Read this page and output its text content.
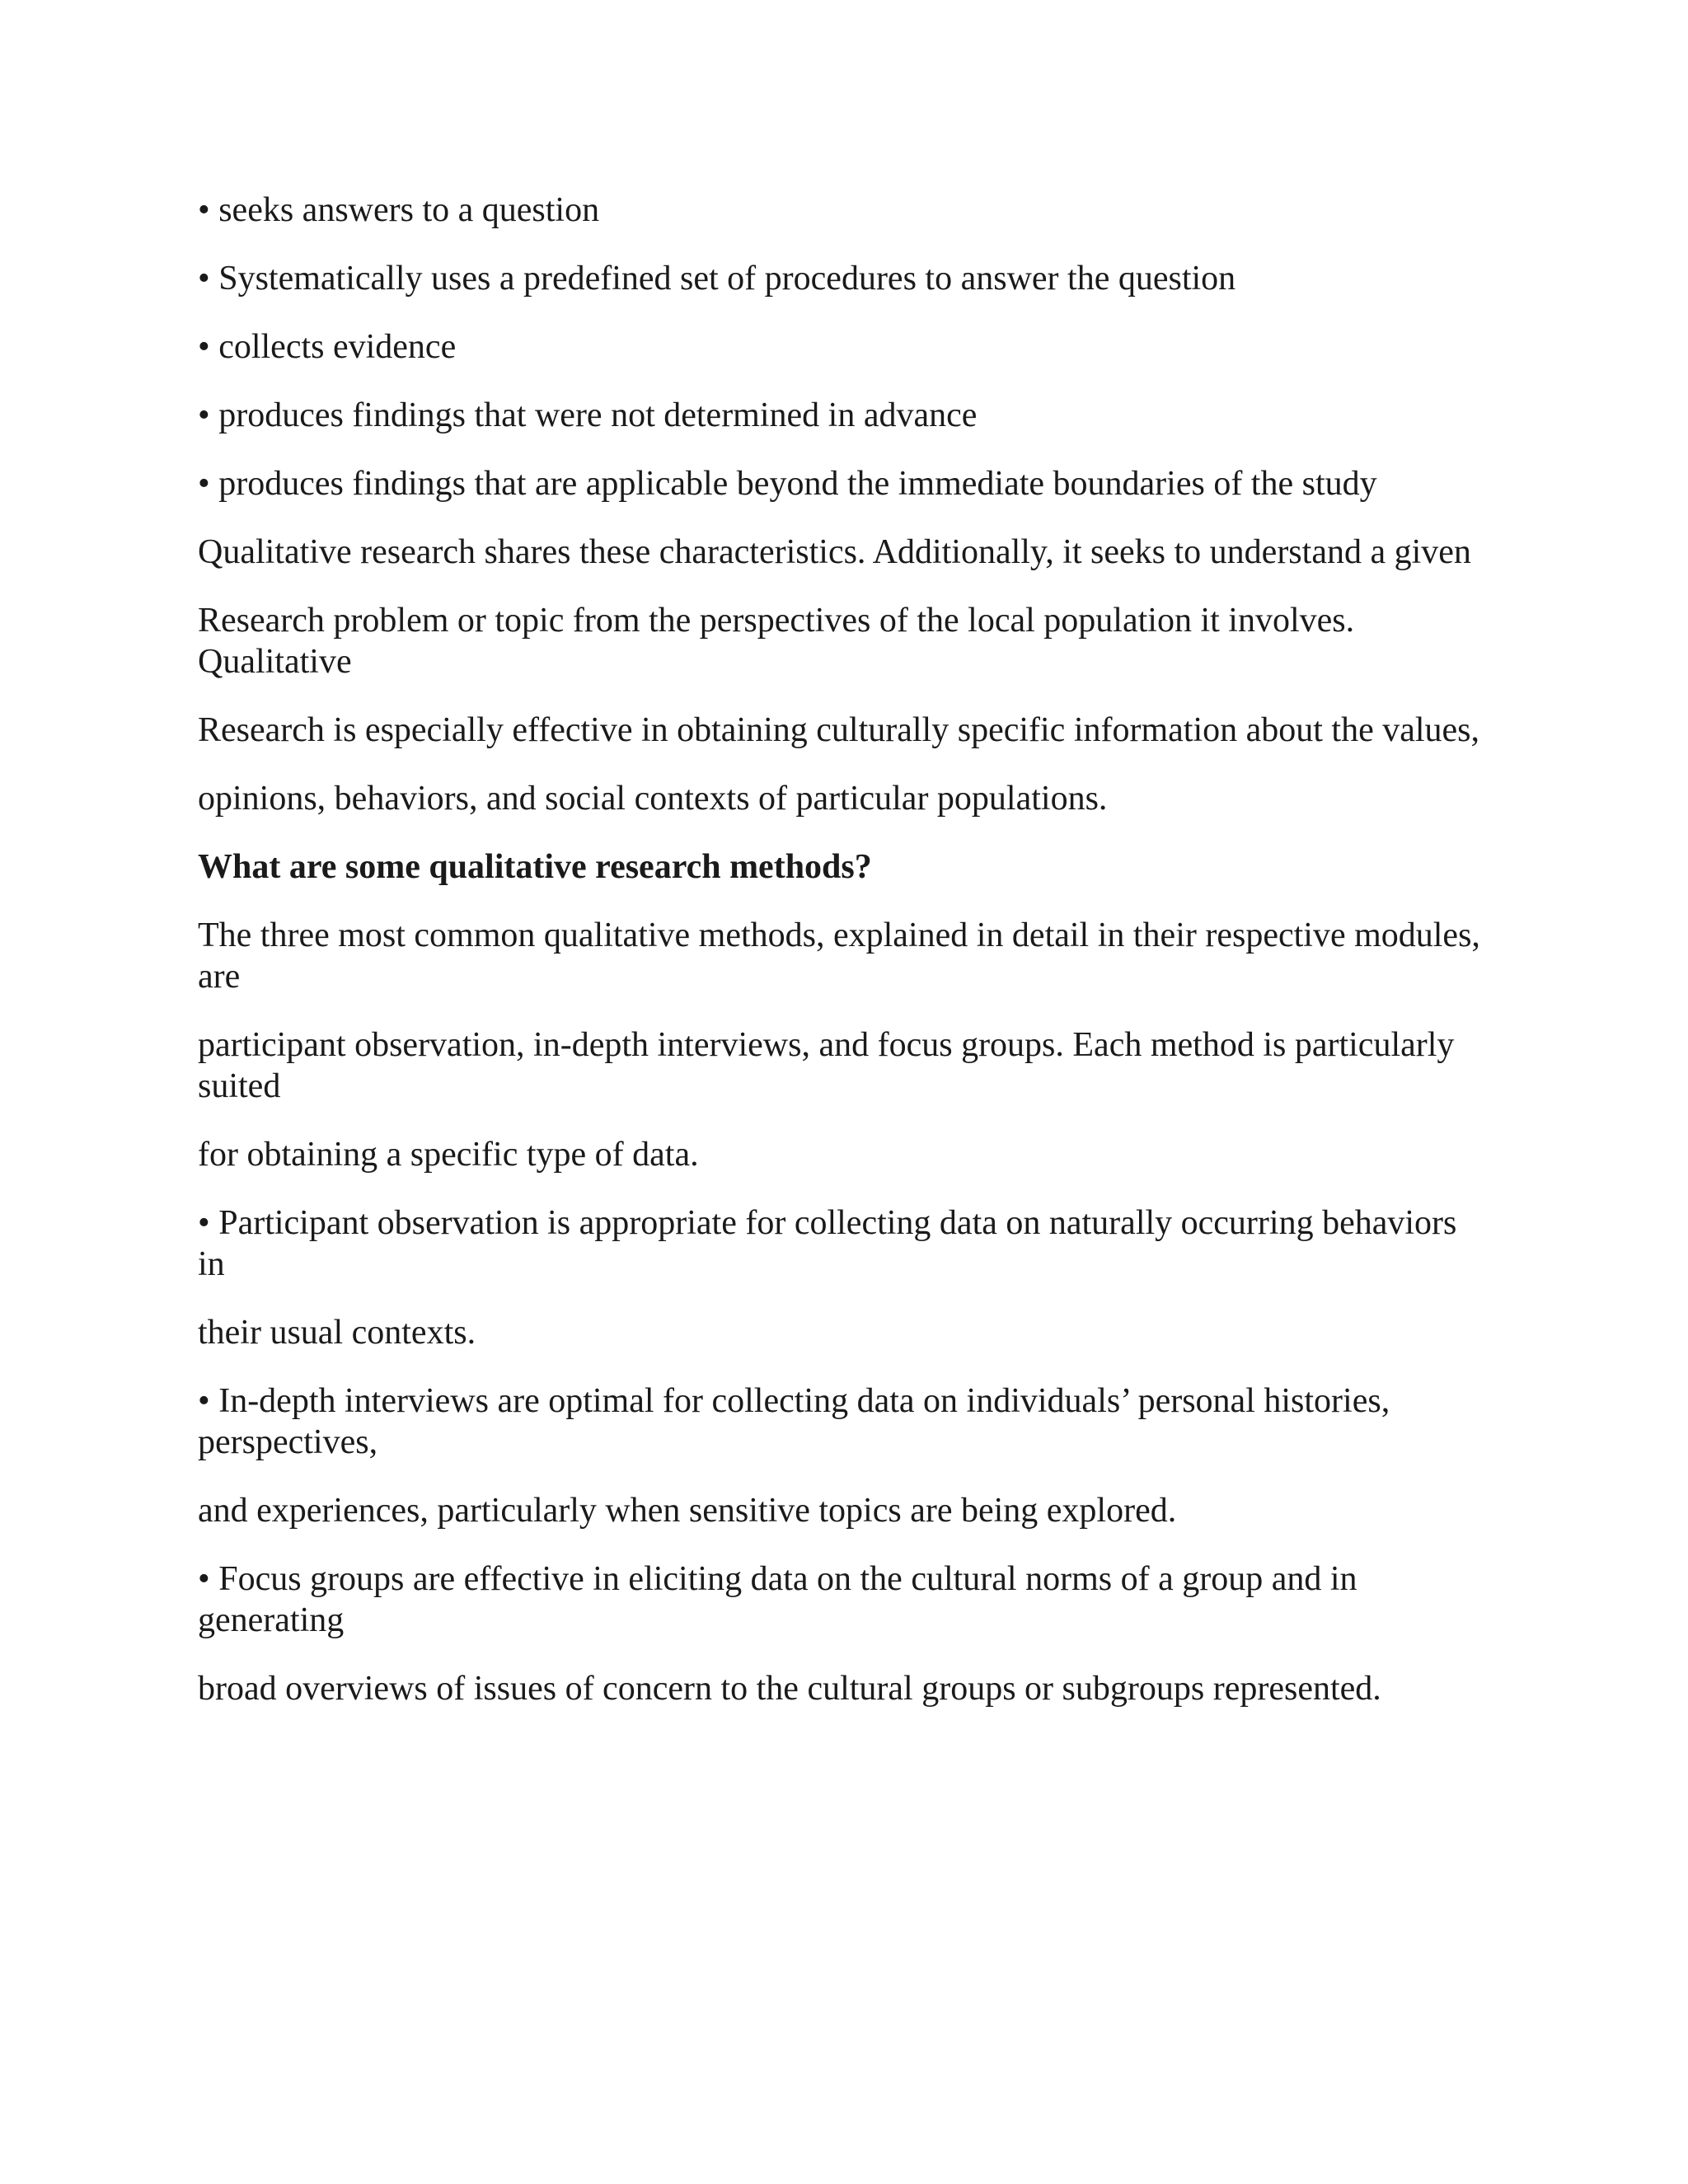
• seeks answers to a question

• Systematically uses a predefined set of procedures to answer the question

• collects evidence

• produces findings that were not determined in advance

• produces findings that are applicable beyond the immediate boundaries of the study

Qualitative research shares these characteristics. Additionally, it seeks to understand a given

Research problem or topic from the perspectives of the local population it involves. Qualitative

Research is especially effective in obtaining culturally specific information about the values,

opinions, behaviors, and social contexts of particular populations.

What are some qualitative research methods?

The three most common qualitative methods, explained in detail in their respective modules, are

participant observation, in-depth interviews, and focus groups. Each method is particularly suited

for obtaining a specific type of data.

• Participant observation is appropriate for collecting data on naturally occurring behaviors in

their usual contexts.

• In-depth interviews are optimal for collecting data on individuals’ personal histories, perspectives,

and experiences, particularly when sensitive topics are being explored.

• Focus groups are effective in eliciting data on the cultural norms of a group and in generating

broad overviews of issues of concern to the cultural groups or subgroups represented.
